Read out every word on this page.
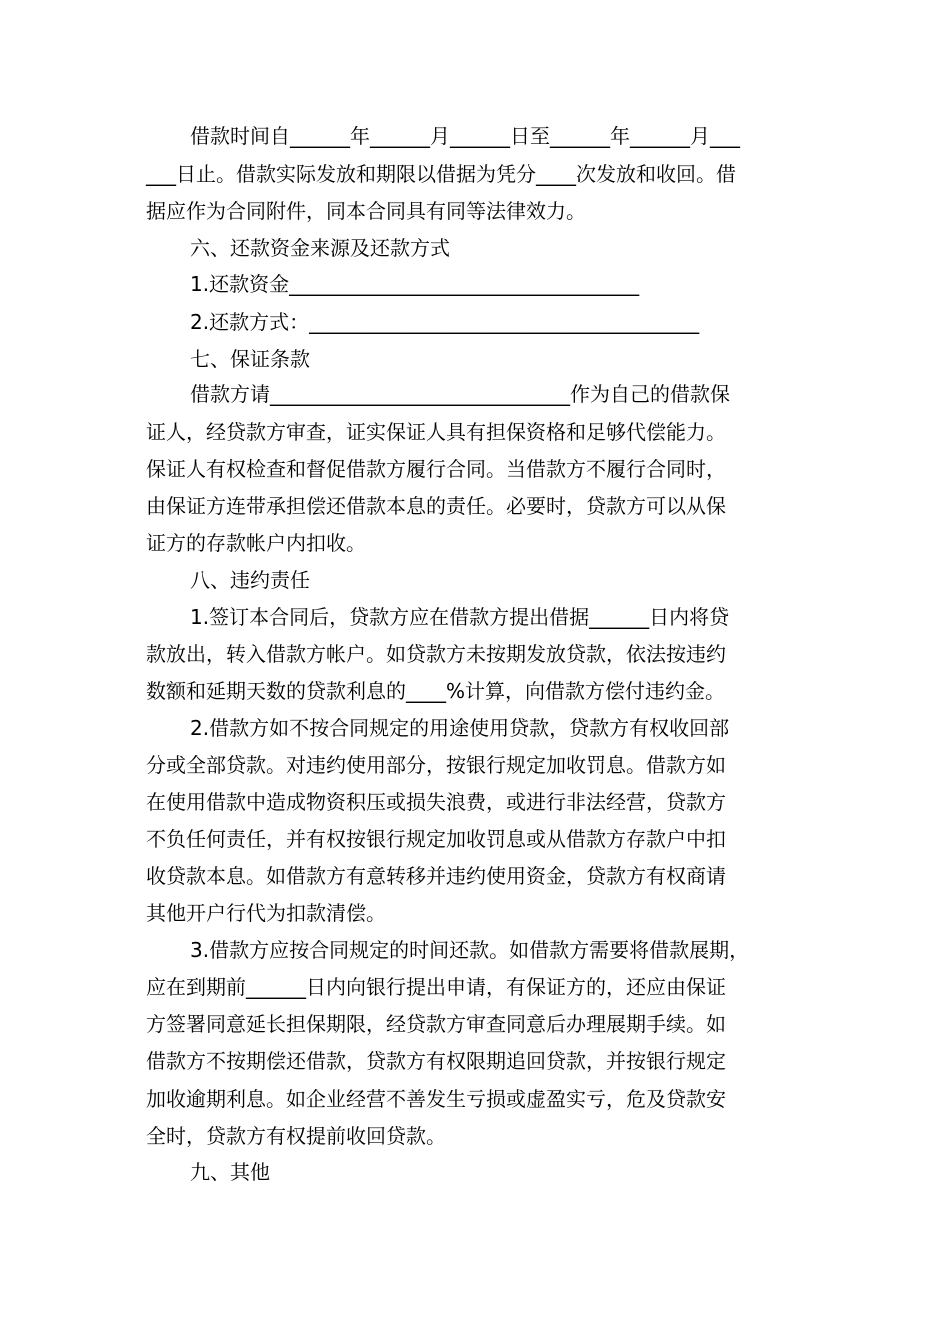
借款时间自______年______月______日至______年______月___
___日止。借款实际发放和期限以借据为凭分____次发放和收回。借
据应作为合同附件，同本合同具有同等法律效力。
六、还款资金来源及还款方式
1.还款资金___________________________________
2.还款方式：_______________________________________
七、保证条款
借款方请______________________________作为自己的借款保
证人，经贷款方审查，证实保证人具有担保资格和足够代偿能力。
保证人有权检查和督促借款方履行合同。当借款方不履行合同时，
由保证方连带承担偿还借款本息的责任。必要时，贷款方可以从保
证方的存款帐户内扣收。
八、违约责任
1.签订本合同后，贷款方应在借款方提出借据______日内将贷
款放出，转入借款方帐户。如贷款方未按期发放贷款，依法按违约
数额和延期天数的贷款利息的____%计算，向借款方偿付违约金。
2.借款方如不按合同规定的用途使用贷款，贷款方有权收回部
分或全部贷款。对违约使用部分，按银行规定加收罚息。借款方如
在使用借款中造成物资积压或损失浪费，或进行非法经营，贷款方
不负任何责任，并有权按银行规定加收罚息或从借款方存款户中扣
收贷款本息。如借款方有意转移并违约使用资金，贷款方有权商请
其他开户行代为扣款清偿。
3.借款方应按合同规定的时间还款。如借款方需要将借款展期，
应在到期前______日内向银行提出申请，有保证方的，还应由保证
方签署同意延长担保期限，经贷款方审查同意后办理展期手续。如
借款方不按期偿还借款，贷款方有权限期追回贷款，并按银行规定
加收逾期利息。如企业经营不善发生亏损或虚盈实亏，危及贷款安
全时，贷款方有权提前收回贷款。
九、其他
